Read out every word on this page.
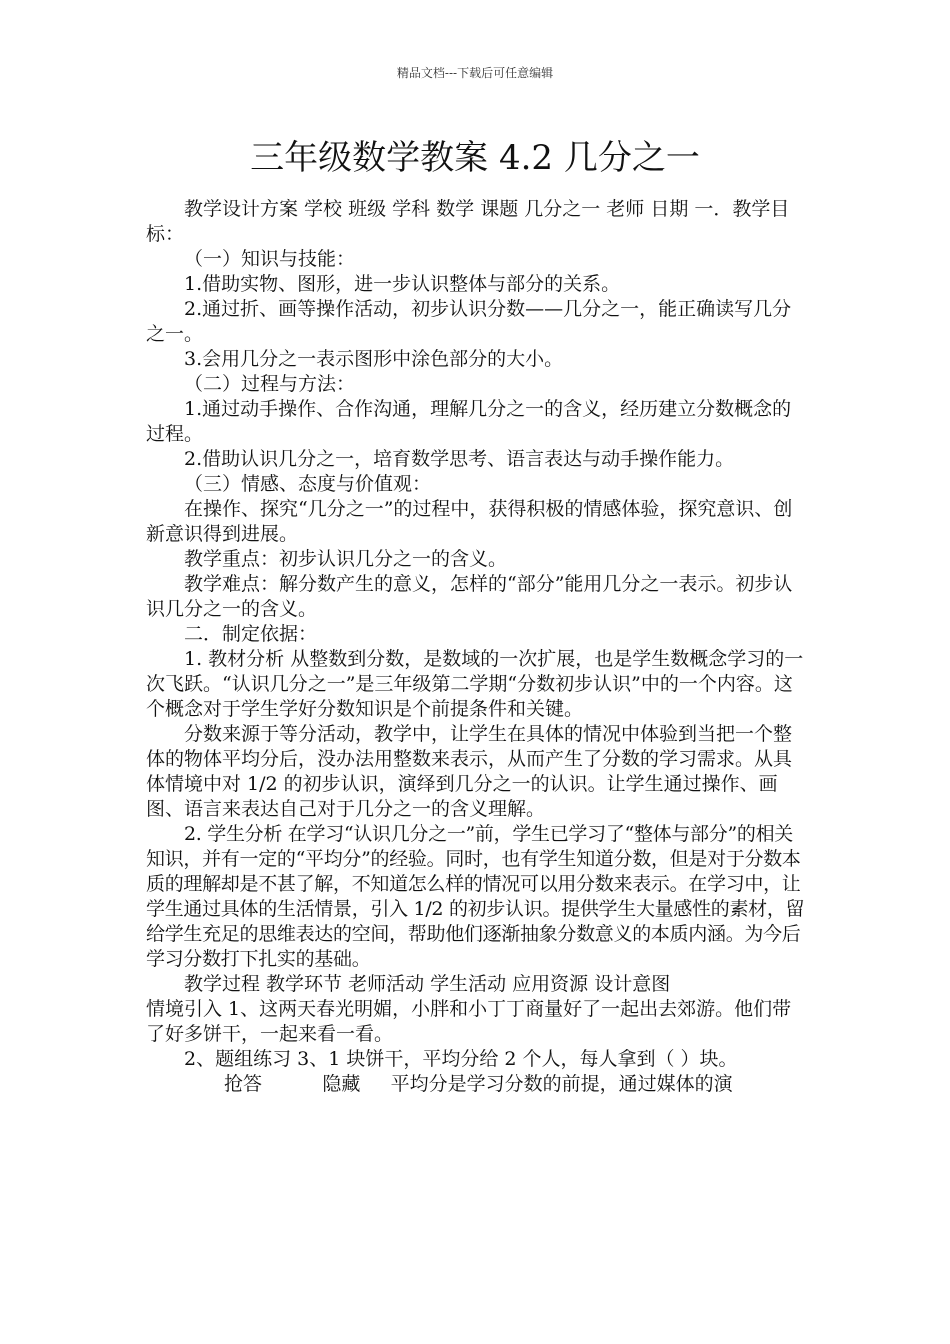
精品文档---下载后可任意编辑
三年级数学教案 4.2 几分之一

教学设计方案 学校 班级 学科 数学 课题 几分之一 老师 日期 一．教学目标：

（一）知识与技能：

1.借助实物、图形，进一步认识整体与部分的关系。

2.通过折、画等操作活动，初步认识分数——几分之一，能正确读写几分之一。

3.会用几分之一表示图形中涂色部分的大小。

（二）过程与方法：

1.通过动手操作、合作沟通，理解几分之一的含义，经历建立分数概念的过程。

2.借助认识几分之一，培育数学思考、语言表达与动手操作能力。

（三）情感、态度与价值观：

在操作、探究“几分之一”的过程中，获得积极的情感体验，探究意识、创新意识得到进展。

教学重点：初步认识几分之一的含义。

教学难点：解分数产生的意义，怎样的“部分”能用几分之一表示。初步认识几分之一的含义。

二．制定依据：

1. 教材分析 从整数到分数，是数域的一次扩展，也是学生数概念学习的一次飞跃。“认识几分之一”是三年级第二学期“分数初步认识”中的一个内容。这个概念对于学生学好分数知识是个前提条件和关键。

分数来源于等分活动，教学中，让学生在具体的情况中体验到当把一个整体的物体平均分后，没办法用整数来表示，从而产生了分数的学习需求。从具体情境中对 1/2 的初步认识，演绎到几分之一的认识。让学生通过操作、画图、语言来表达自己对于几分之一的含义理解。

2. 学生分析 在学习“认识几分之一”前，学生已学习了“整体与部分”的相关知识，并有一定的“平均分”的经验。同时，也有学生知道分数，但是对于分数本质的理解却是不甚了解，不知道怎么样的情况可以用分数来表示。在学习中，让学生通过具体的生活情景，引入 1/2 的初步认识。提供学生大量感性的素材，留给学生充足的思维表达的空间，帮助他们逐渐抽象分数意义的本质内涵。为今后学习分数打下扎实的基础。

教学过程 教学环节 老师活动 学生活动 应用资源 设计意图

情境引入 1、这两天春光明媚，小胖和小丁丁商量好了一起出去郊游。他们带了好多饼干，一起来看一看。

2、题组练习 3、1 块饼干，平均分给 2 个人，每人拿到（ ）块。

抢答	隐藏 平均分是学习分数的前提，通过媒体的演
